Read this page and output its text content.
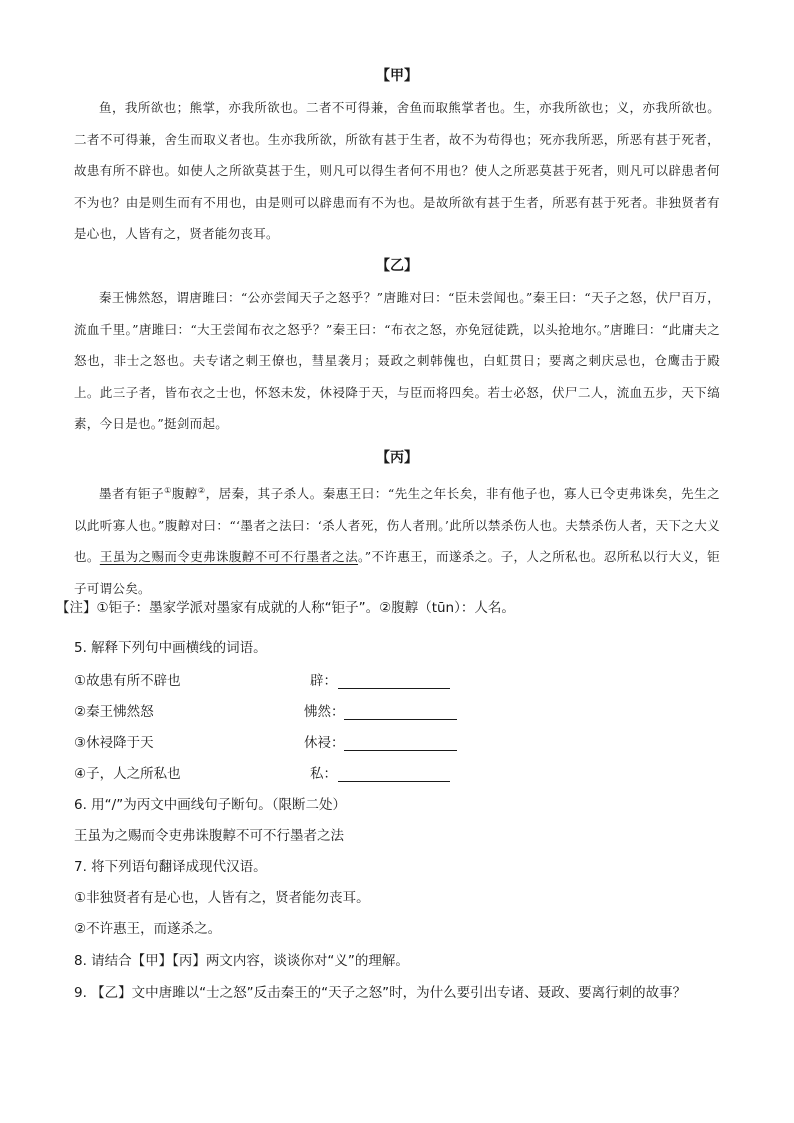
【甲】

鱼，我所欲也；熊掌，亦我所欲也。二者不可得兼，舍鱼而取熊掌者也。生，亦我所欲也；义，亦我所欲也。二者不可得兼，舍生而取义者也。生亦我所欲，所欲有甚于生者，故不为苟得也；死亦我所恶，所恶有甚于死者，故患有所不辟也。如使人之所欲莫甚于生，则凡可以得生者何不用也？使人之所恶莫甚于死者，则凡可以辟患者何不为也？由是则生而有不用也，由是则可以辟患而有不为也。是故所欲有甚于生者，所恶有甚于死者。非独贤者有是心也，人皆有之，贤者能勿丧耳。

【乙】

秦王怫然怒，谓唐雎曰：“公亦尝闻天子之怒乎？”唐雎对曰：“臣未尝闻也。”秦王曰：“天子之怒，伏尸百万，流血千里。”唐雎曰：“大王尝闻布衣之怒乎？”秦王曰：“布衣之怒，亦免冠徒跣，以头抢地尔。”唐雎曰：“此庸夫之怒也，非士之怒也。夫专诸之刺王僚也，彗星袭月；聂政之刺韩傀也，白虹贯日；要离之刺庆忌也，仓鹰击于殿上。此三子者，皆布衣之士也，怀怒未发，休祲降于天，与臣而将四矣。若士必怒，伏尸二人，流血五步，天下缟素，今日是也。”挺剑而起。

【丙】

墨者有钜子①腹䵍②，居秦，其子杀人。秦惠王曰：“先生之年长矣，非有他子也，寡人已令吏弗诛矣，先生之以此听寡人也。”腹䵍对曰：“‘墨者之法曰：‘杀人者死，伤人者刑。’此所以禁杀伤人也。夫禁杀伤人者，天下之大义也。王虽为之赐而令吏弗诛腹䵍不可不行墨者之法。”不许惠王，而遂杀之。子，人之所私也。忍所私以行大义，钜子可谓公矣。

【注】①钜子：墨家学派对墨家有成就的人称“钜子”。②腹䵍（tūn）：人名。
5. 解释下列句中画横线的词语。
①故患有所不辟也	辟：
②秦王怫然怒	怫然：
③休祲降于天	休祲：
④子，人之所私也	私：
6. 用“/”为丙文中画线句子断句。（限断二处）
王虽为之赐而令吏弗诛腹䵍不可不行墨者之法
7. 将下列语句翻译成现代汉语。
①非独贤者有是心也，人皆有之，贤者能勿丧耳。
②不许惠王，而遂杀之。
8. 请结合【甲】【丙】两文内容，谈谈你对“义”的理解。
9. 【乙】文中唐雎以“士之怒”反击秦王的“天子之怒”时，为什么要引出专诸、聂政、要离行刺的故事？
